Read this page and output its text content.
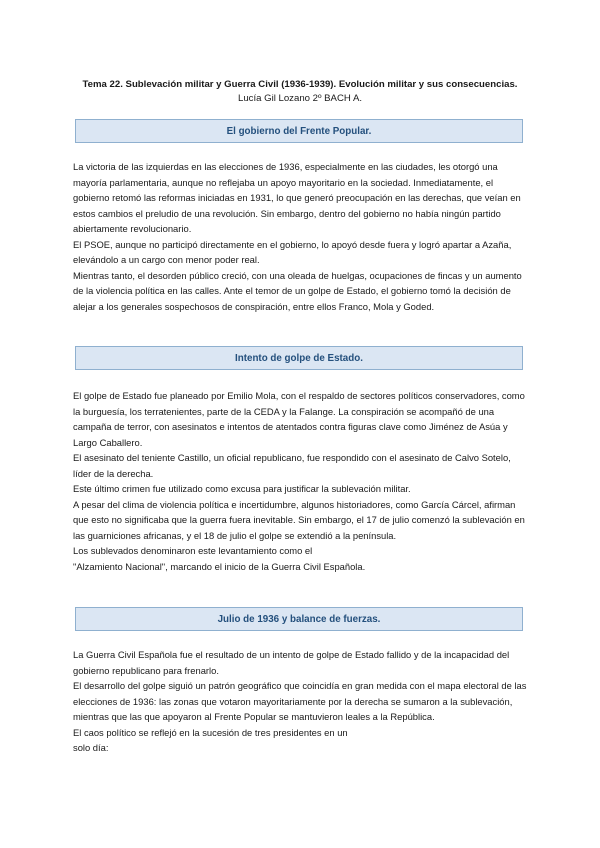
Tema 22. Sublevación militar y Guerra Civil (1936-1939). Evolución militar y sus consecuencias.
Lucía Gil Lozano 2º BACH A.
El gobierno del Frente Popular.

La victoria de las izquierdas en las elecciones de 1936, especialmente en las ciudades, les otorgó una mayoría parlamentaria, aunque no reflejaba un apoyo mayoritario en la sociedad. Inmediatamente, el gobierno retomó las reformas iniciadas en 1931, lo que generó preocupación en las derechas, que veían en estos cambios el preludio de una revolución. Sin embargo, dentro del gobierno no había ningún partido abiertamente revolucionario.

El PSOE, aunque no participó directamente en el gobierno, lo apoyó desde fuera y logró apartar a Azaña, elevándolo a un cargo con menor poder real.

Mientras tanto, el desorden público creció, con una oleada de huelgas, ocupaciones de fincas y un aumento de la violencia política en las calles. Ante el temor de un golpe de Estado, el gobierno tomó la decisión de alejar a los generales sospechosos de conspiración, entre ellos Franco, Mola y Goded.

Intento de golpe de Estado.

El golpe de Estado fue planeado por Emilio Mola, con el respaldo de sectores políticos conservadores, como la burguesía, los terratenientes, parte de la CEDA y la Falange. La conspiración se acompañó de una campaña de terror, con asesinatos e intentos de atentados contra figuras clave como Jiménez de Asúa y Largo Caballero.

El asesinato del teniente Castillo, un oficial republicano, fue respondido con el asesinato de Calvo Sotelo, líder de la derecha.

Este último crimen fue utilizado como excusa para justificar la sublevación militar.

A pesar del clima de violencia política e incertidumbre, algunos historiadores, como García Cárcel, afirman que esto no significaba que la guerra fuera inevitable. Sin embargo, el 17 de julio comenzó la sublevación en las guarniciones africanas, y el 18 de julio el golpe se extendió a la península.

Los sublevados denominaron este levantamiento como el

"Alzamiento Nacional", marcando el inicio de la Guerra Civil Española.

Julio de 1936 y balance de fuerzas.

La Guerra Civil Española fue el resultado de un intento de golpe de Estado fallido y de la incapacidad del gobierno republicano para frenarlo.

El desarrollo del golpe siguió un patrón geográfico que coincidía en gran medida con el mapa electoral de las elecciones de 1936: las zonas que votaron mayoritariamente por la derecha se sumaron a la sublevación, mientras que las que apoyaron al Frente Popular se mantuvieron leales a la República.

El caos político se reflejó en la sucesión de tres presidentes en un

solo día:
